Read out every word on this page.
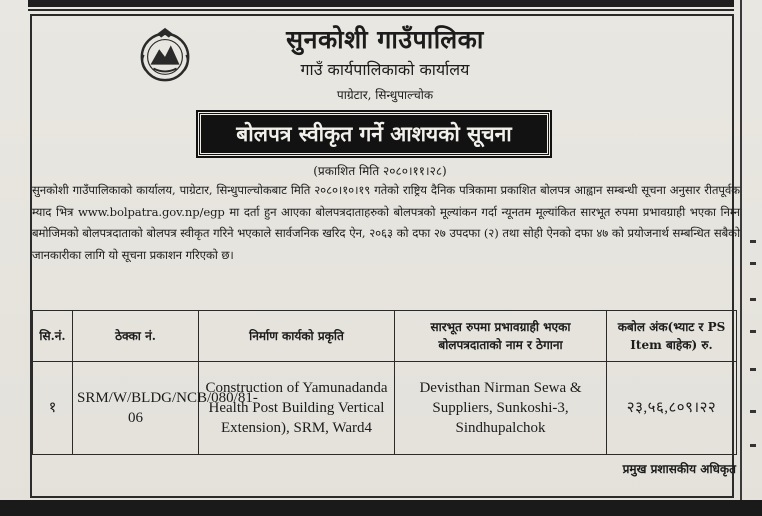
सुनकोशी गाउँपालिका
गाउँ कार्यपालिकाको कार्यालय
पाग्रेटार, सिन्धुपाल्चोक
बोलपत्र स्वीकृत गर्ने आशयको सूचना
(प्रकाशित मिति २०८०।११।२८)
सुनकोशी गाउँपालिकाको कार्यालय, पाग्रेटार, सिन्धुपाल्चोकबाट मिति २०८०।१०।१९ गतेको राष्ट्रिय दैनिक पत्रिकामा प्रकाशित बोलपत्र आह्वान सम्बन्धी सूचना अनुसार रीतपूर्वक म्याद भित्र www.bolpatra.gov.np/egp मा दर्ता हुन आएका बोलपत्रदाताहरुको बोलपत्रको मूल्यांकन गर्दा न्यूनतम मूल्यांकित सारभूत रुपमा प्रभावग्राही भएका निम्न बमोजिमको बोलपत्रदाताको बोलपत्र स्वीकृत गरिने भएकाले सार्वजनिक खरिद ऐन, २०६३ को दफा २७ उपदफा (२) तथा सोही ऐनको दफा ४७ को प्रयोजनार्थ सम्बन्धित सबैको जानकारीका लागि यो सूचना प्रकाशन गरिएको छ।
सि.नं.	ठेक्का नं.	निर्माण कार्यको प्रकृति	सारभूत रुपमा प्रभावग्राही भएका बोलपत्रदाताको नाम र ठेगाना	कबोल अंक(भ्याट र PS Item बाहेक) रु.
१	SRM/W/BLDG/NCB/080/81-06	Construction of Yamunadanda Health Post Building Vertical Extension), SRM, Ward4	Devisthan Nirman Sewa & Suppliers, Sunkoshi-3, Sindhupalchok	२३,५६,८०९।२२
प्रमुख प्रशासकीय अधिकृत
